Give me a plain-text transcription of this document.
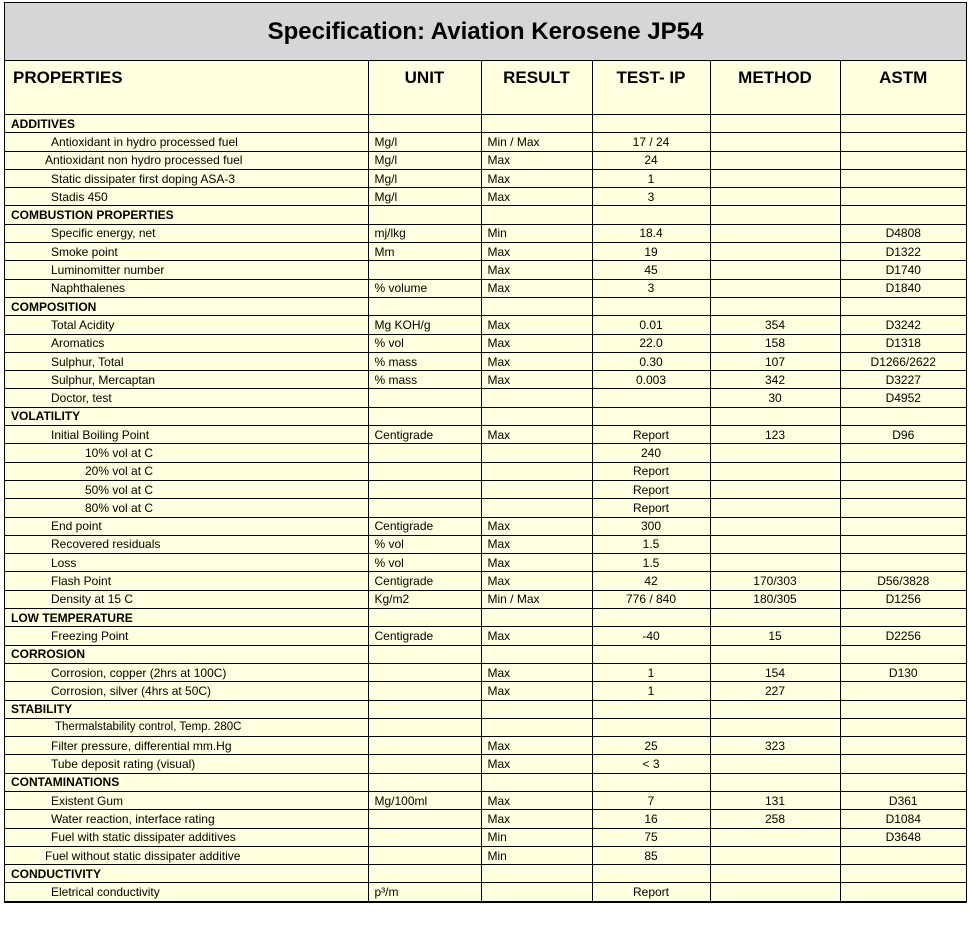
Specification: Aviation Kerosene JP54
PROPERTIES	UNIT	RESULT	TEST- IP	METHOD	ASTM
ADDITIVES					
Antioxidant in hydro processed fuel	Mg/l	Min / Max	17 / 24		
Antioxidant non hydro processed fuel	Mg/l	Max	24		
Static dissipater first doping ASA-3	Mg/l	Max	1		
Stadis 450	Mg/l	Max	3		
COMBUSTION PROPERTIES					
Specific energy, net	mj/lkg	Min	18.4		D4808
Smoke point	Mm	Max	19		D1322
Luminomitter number		Max	45		D1740
Naphthalenes	% volume	Max	3		D1840
COMPOSITION					
Total Acidity	Mg KOH/g	Max	0.01	354	D3242
Aromatics	% vol	Max	22.0	158	D1318
Sulphur, Total	% mass	Max	0.30	107	D1266/2622
Sulphur, Mercaptan	% mass	Max	0.003	342	D3227
Doctor, test				30	D4952
VOLATILITY					
Initial Boiling Point	Centigrade	Max	Report	123	D96
10% vol at C			240		
20% vol at C			Report		
50% vol at C			Report		
80% vol at C			Report		
End point	Centigrade	Max	300		
Recovered residuals	% vol	Max	1.5		
Loss	% vol	Max	1.5		
Flash Point	Centigrade	Max	42	170/303	D56/3828
Density at 15 C	Kg/m2	Min / Max	776 / 840	180/305	D1256
LOW TEMPERATURE					
Freezing Point	Centigrade	Max	-40	15	D2256
CORROSION					
Corrosion, copper (2hrs at 100C)		Max	1	154	D130
Corrosion, silver (4hrs at 50C)		Max	1	227	
STABILITY					
Thermalstability control, Temp. 280C					
Filter pressure, differential mm.Hg		Max	25	323	
Tube deposit rating (visual)		Max	< 3		
CONTAMINATIONS					
Existent Gum	Mg/100ml	Max	7	131	D361
Water reaction, interface rating		Max	16	258	D1084
Fuel with static dissipater additives		Min	75		D3648
Fuel without static dissipater additive		Min	85		
CONDUCTIVITY					
Eletrical conductivity	p³/m		Report		
